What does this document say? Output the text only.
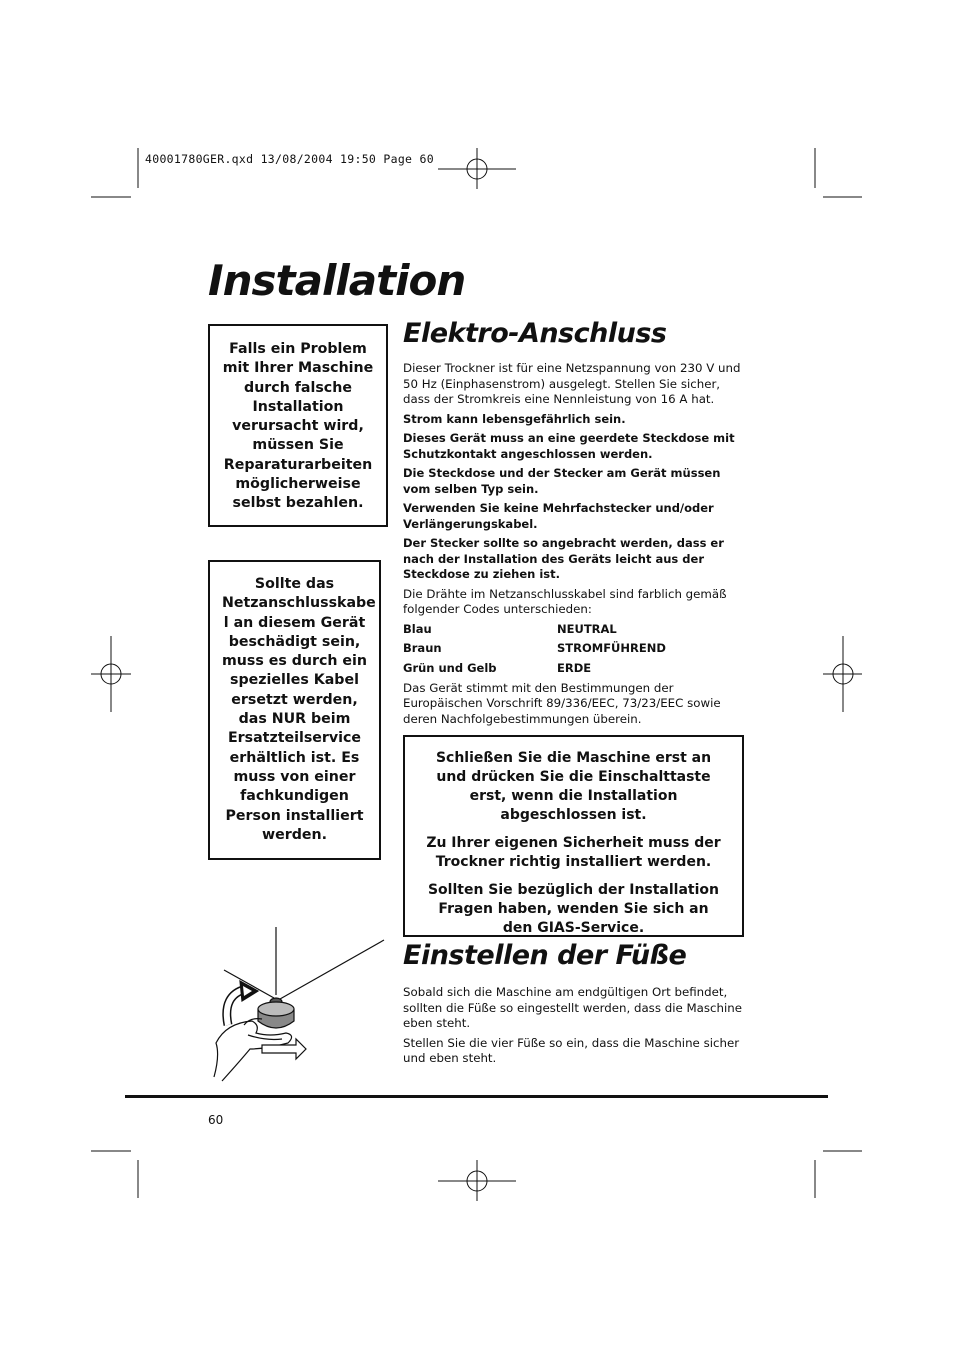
40001780GER.qxd 13/08/2004 19:50 Page 60
Installation
Falls ein Problem mit Ihrer Maschine durch falsche Installation verursacht wird, müssen Sie Reparaturarbeiten möglicherweise selbst bezahlen.
Sollte das Netzanschlusskabe l an diesem Gerät beschädigt sein, muss es durch ein spezielles Kabel ersetzt werden, das NUR beim Ersatzteilservice erhältlich ist. Es muss von einer fachkundigen Person installiert werden.
Elektro-Anschluss

Dieser Trockner ist für eine Netzspannung von 230 V und 50 Hz (Einphasenstrom) ausgelegt. Stellen Sie sicher, dass der Stromkreis eine Nennleistung von 16 A hat.

Strom kann lebensgefährlich sein.

Dieses Gerät muss an eine geerdete Steckdose mit Schutzkontakt angeschlossen werden.

Die Steckdose und der Stecker am Gerät müssen vom selben Typ sein.

Verwenden Sie keine Mehrfachstecker und/oder Verlängerungskabel.

Der Stecker sollte so angebracht werden, dass er nach der Installation des Geräts leicht aus der Steckdose zu ziehen ist.

Die Drähte im Netzanschlusskabel sind farblich gemäß folgender Codes unterschieden:

Blau	NEUTRAL
Braun	STROMFÜHREND
Grün und Gelb	ERDE

Das Gerät stimmt mit den Bestimmungen der Europäischen Vorschrift 89/336/EEC, 73/23/EEC sowie deren Nachfolgebestimmungen überein.

Schließen Sie die Maschine erst an und drücken Sie die Einschalttaste erst, wenn die Installation abgeschlossen ist.

Zu Ihrer eigenen Sicherheit muss der Trockner richtig installiert werden.

Sollten Sie bezüglich der Installation Fragen haben, wenden Sie sich an den GIAS-Service.

Einstellen der Füße

Sobald sich die Maschine am endgültigen Ort befindet, sollten die Füße so eingestellt werden, dass die Maschine eben steht.

Stellen Sie die vier Füße so ein, dass die Maschine sicher und eben steht.

60
